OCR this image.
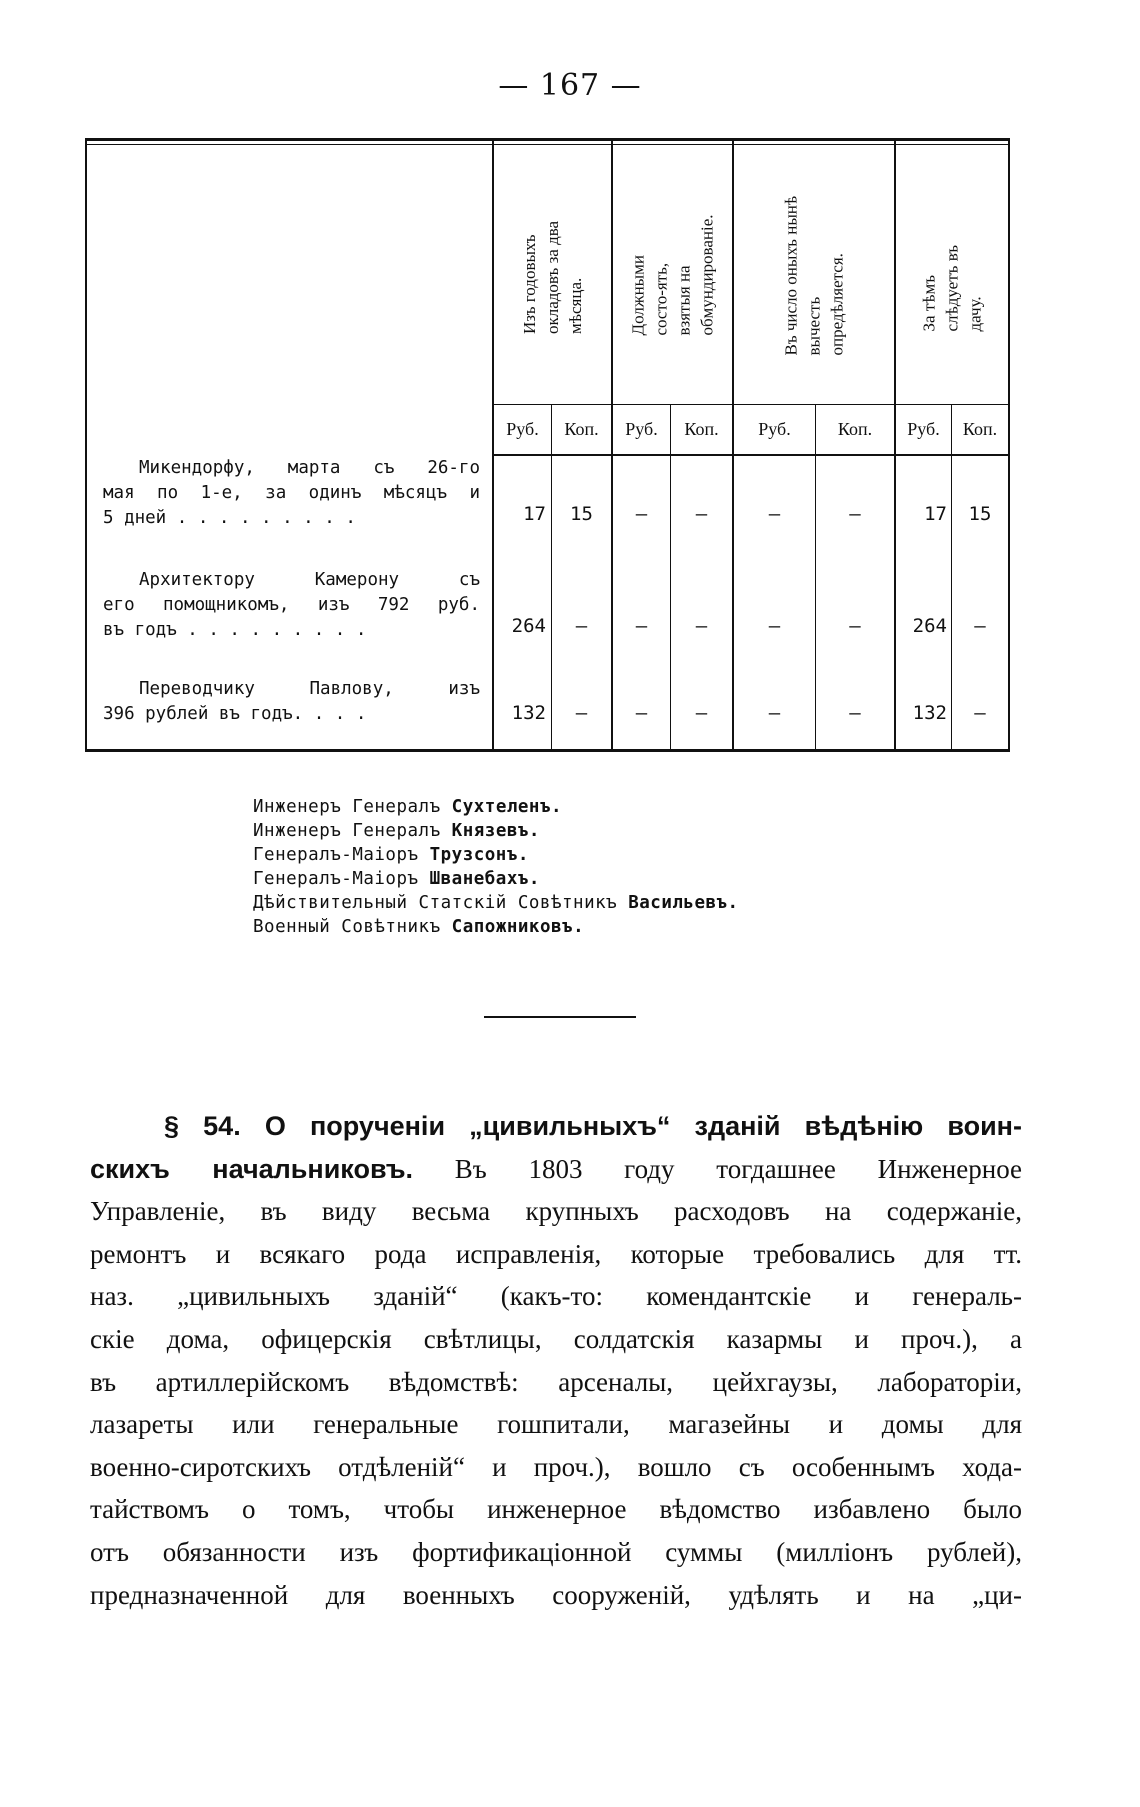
— 167 —
Изъ годовыхъ окладовъ за два мѣсяца.	Должными состо-ять, взятыя на обмундированіе.	Въ число оныхъ нынѣ вычесть опредѣляется.	За тѣмъ слѣдуетъ въ дачу.
Руб.	Коп.	Руб.	Коп.	Руб.	Коп.	Руб.	Коп.
Микендорфу, марта съ 26-го
мая по 1-е, за одинъ мѣсяцъ и
5 дней . . . . . . . . .	17	15	—	—	—	—	17	15
Архитектору Камерону съ
его помощникомъ, изъ 792 руб.
въ годъ . . . . . . . . .	264	—	—	—	—	—	264	—
Переводчику Павлову, изъ
396 рублей въ годъ. . . .	132	—	—	—	—	—	132	—
Инженеръ Генералъ Сухтеленъ.
Инженеръ Генералъ Князевъ.
Генералъ-Маіоръ Трузсонъ.
Генералъ-Маіоръ Шванебахъ.
Дѣйствительный Статскій Совѣтникъ Васильевъ.
Военный Совѣтникъ Сапожниковъ.
§ 54. О порученіи „цивильныхъ“ зданій вѣдѣнію воин-
скихъ начальниковъ. Въ 1803 году тогдашнее Инженерное
Управленіе, въ виду весьма крупныхъ расходовъ на содержаніе,
ремонтъ и всякаго рода исправленія, которые требовались для тт.
наз. „цивильныхъ зданій“ (какъ-то: комендантскіе и генераль-
скіе дома, офицерскія свѣтлицы, солдатскія казармы и проч.), а
въ артиллерійскомъ вѣдомствѣ: арсеналы, цейхгаузы, лабораторіи,
лазареты или генеральные гошпитали, магазейны и домы для
военно-сиротскихъ отдѣленій“ и проч.), вошло съ особеннымъ хода-
тайствомъ о томъ, чтобы инженерное вѣдомство избавлено было
отъ обязанности изъ фортификаціонной суммы (милліонъ рублей),
предназначенной для военныхъ сооруженій, удѣлять и на „ци-
